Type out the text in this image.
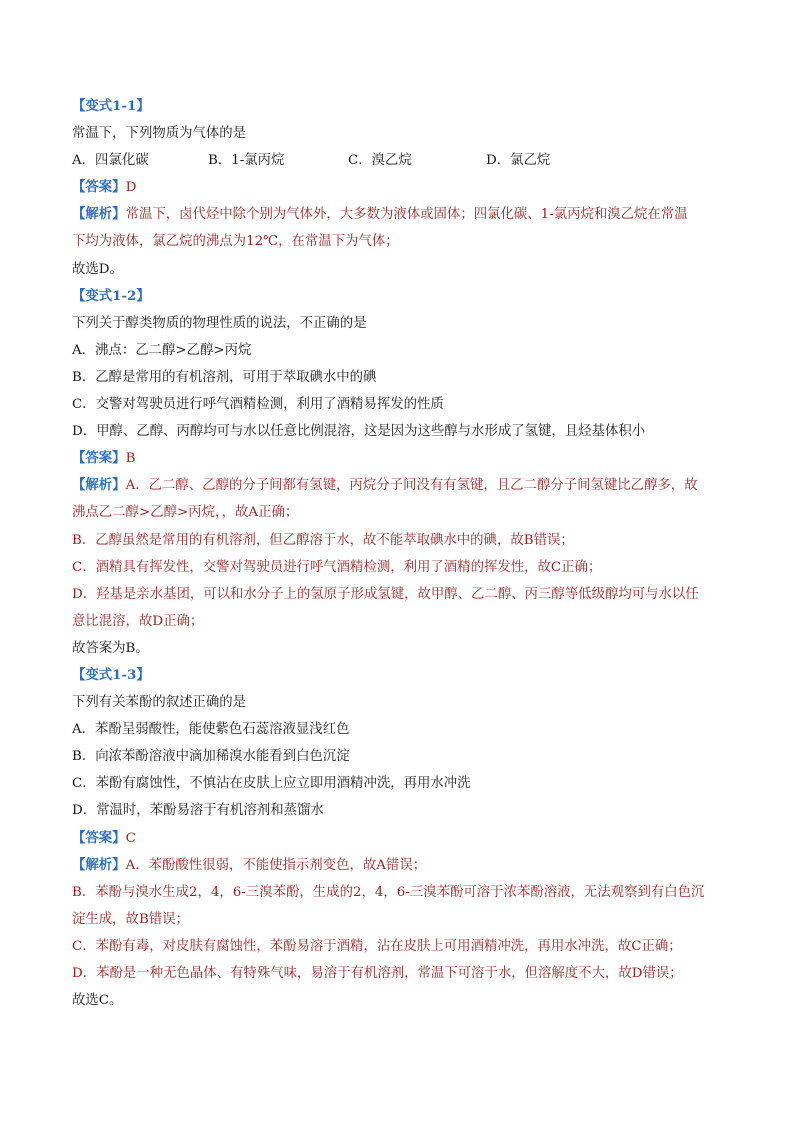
【变式1-1】
常温下，下列物质为气体的是
A．四氯化碳	B．1-氯丙烷	C．溴乙烷	D．氯乙烷
【答案】D
【解析】常温下，卤代烃中除个别为气体外，大多数为液体或固体；四氯化碳、1-氯丙烷和溴乙烷在常温
下均为液体，氯乙烷的沸点为12℃，在常温下为气体；
故选D。
【变式1-2】
下列关于醇类物质的物理性质的说法，不正确的是
A．沸点：乙二醇>乙醇>丙烷
B．乙醇是常用的有机溶剂，可用于萃取碘水中的碘
C．交警对驾驶员进行呼气酒精检测，利用了酒精易挥发的性质
D．甲醇、乙醇、丙醇均可与水以任意比例混溶，这是因为这些醇与水形成了氢键，且烃基体积小
【答案】B
【解析】A．乙二醇、乙醇的分子间都有氢键，丙烷分子间没有有氢键，且乙二醇分子间氢键比乙醇多，故
沸点乙二醇>乙醇>丙烷，，故A正确；
B．乙醇虽然是常用的有机溶剂，但乙醇溶于水，故不能萃取碘水中的碘，故B错误；
C．酒精具有挥发性，交警对驾驶员进行呼气酒精检测，利用了酒精的挥发性，故C正确；
D．羟基是亲水基团，可以和水分子上的氢原子形成氢键，故甲醇、乙二醇、丙三醇等低级醇均可与水以任
意比混溶，故D正确；
故答案为B。
【变式1-3】
下列有关苯酚的叙述正确的是
A．苯酚呈弱酸性，能使紫色石蕊溶液显浅红色
B．向浓苯酚溶液中滴加稀溴水能看到白色沉淀
C．苯酚有腐蚀性，不慎沾在皮肤上应立即用酒精冲洗，再用水冲洗
D．常温时，苯酚易溶于有机溶剂和蒸馏水
【答案】C
【解析】A．苯酚酸性很弱，不能使指示剂变色，故A错误；
B．苯酚与溴水生成2，4，6-三溴苯酚，生成的2，4，6-三溴苯酚可溶于浓苯酚溶液，无法观察到有白色沉
淀生成，故B错误；
C．苯酚有毒，对皮肤有腐蚀性，苯酚易溶于酒精，沾在皮肤上可用酒精冲洗，再用水冲洗，故C正确；
D．苯酚是一种无色晶体、有特殊气味，易溶于有机溶剂，常温下可溶于水，但溶解度不大，故D错误；
故选C。
